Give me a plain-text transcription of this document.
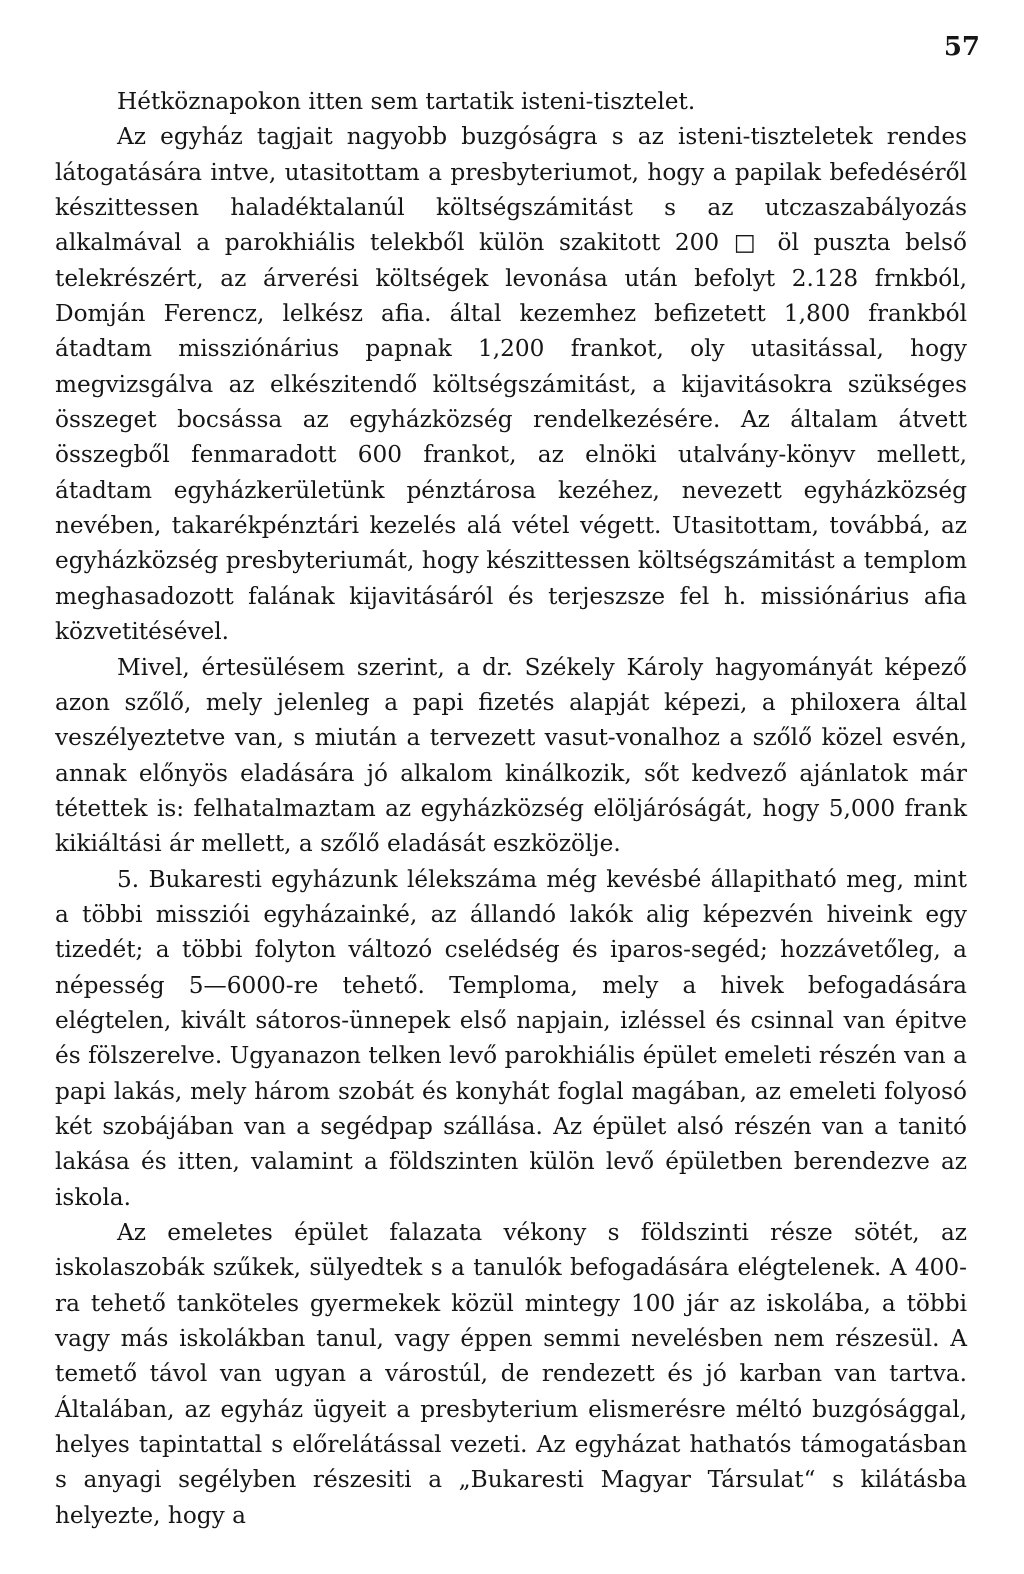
57

Hétköznapokon itten sem tartatik isteni-tisztelet.

Az egyház tagjait nagyobb buzgóságra s az isteni-tiszteletek rendes látogatására intve, utasitottam a presbyteriumot, hogy a papilak befedéséről készittessen haladéktalanúl költségszámitást s az utczaszabályozás alkalmával a parokhiális telekből külön szakitott 200 □ öl puszta belső telekrészért, az árverési költségek levonása után befolyt 2.128 frnkból, Domján Ferencz, lelkész afia. által kezemhez befizetett 1,800 frankból átadtam missziónárius papnak 1,200 frankot, oly utasitással, hogy megvizsgálva az elkészitendő költségszámitást, a kijavitásokra szükséges összeget bocsássa az egyházközség rendelkezésére. Az általam átvett összegből fenmaradott 600 frankot, az elnöki utalvány-könyv mellett, átadtam egyházkerületünk pénztárosa kezéhez, nevezett egyházközség nevében, takarékpénztári kezelés alá vétel végett. Utasitottam, továbbá, az egyházközség presbyteriumát, hogy készittessen költségszámitást a templom meghasadozott falának kijavitásáról és terjeszsze fel h. missiónárius afia közvetitésével.

Mivel, értesülésem szerint, a dr. Székely Károly hagyományát képező azon szőlő, mely jelenleg a papi fizetés alapját képezi, a philoxera által veszélyeztetve van, s miután a tervezett vasut-vonalhoz a szőlő közel esvén, annak előnyös eladására jó alkalom kinálkozik, sőt kedvező ajánlatok már tétettek is: felhatalmaztam az egyházközség elöljáróságát, hogy 5,000 frank kikiáltási ár mellett, a szőlő eladását eszközölje.

5. Bukaresti egyházunk lélekszáma még kevésbé állapitható meg, mint a többi missziói egyházainké, az állandó lakók alig képezvén hiveink egy tizedét; a többi folyton változó cselédség és iparos-segéd; hozzávetőleg, a népesség 5—6000-re tehető. Temploma, mely a hivek befogadására elégtelen, kivált sátoros-ünnepek első napjain, izléssel és csinnal van épitve és fölszerelve. Ugyanazon telken levő parokhiális épület emeleti részén van a papi lakás, mely három szobát és konyhát foglal magában, az emeleti folyosó két szobájában van a segédpap szállása. Az épület alsó részén van a tanitó lakása és itten, valamint a földszinten külön levő épületben berendezve az iskola.

Az emeletes épület falazata vékony s földszinti része sötét, az iskolaszobák szűkek, sülyedtek s a tanulók befogadására elégtelenek. A 400-ra tehető tanköteles gyermekek közül mintegy 100 jár az iskolába, a többi vagy más iskolákban tanul, vagy éppen semmi nevelésben nem részesül. A temető távol van ugyan a várostúl, de rendezett és jó karban van tartva. Általában, az egyház ügyeit a presbyterium elismerésre méltó buzgósággal, helyes tapintattal s előrelátással vezeti. Az egyházat hathatós támogatásban s anyagi segélyben részesiti a „Bukaresti Magyar Társulat“ s kilátásba helyezte, hogy a
